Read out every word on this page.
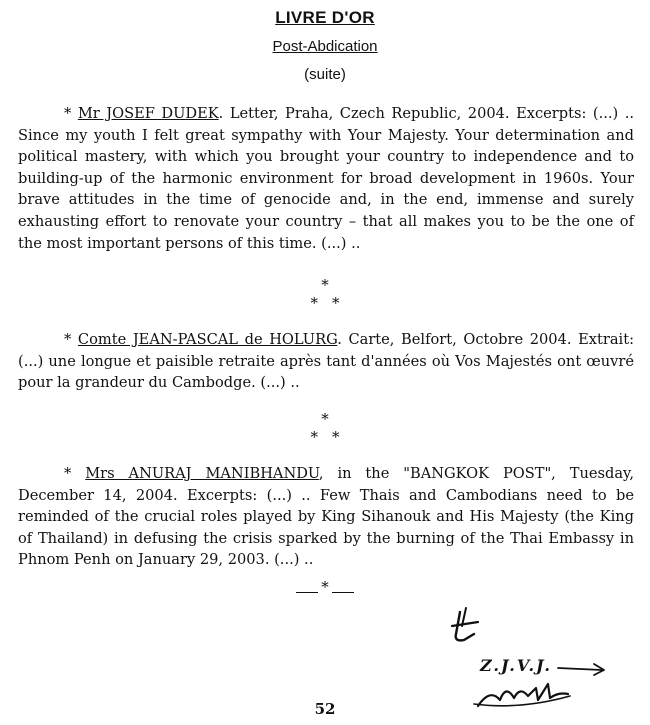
LIVRE D'OR
Post-Abdication
(suite)

* Mr JOSEF DUDEK. Letter, Praha, Czech Republic, 2004. Excerpts: (...) .. Since my youth I felt great sympathy with Your Majesty. Your determination and political mastery, with which you brought your country to independence and to building-up of the harmonic environment for broad development in 1960s. Your brave attitudes in the time of genocide and, in the end, immense and surely exhausting effort to renovate your country – that all makes you to be the one of the most important persons of this time. (...) ..

*
**

* Comte JEAN-PASCAL de HOLURG. Carte, Belfort, Octobre 2004. Extrait: (...) une longue et paisible retraite après tant d'années où Vos Majestés ont œuvré pour la grandeur du Cambodge. (...) ..

*
**

* Mrs ANURAJ MANIBHANDU, in the "BANGKOK POST", Tuesday, December 14, 2004. Excerpts: (...) .. Few Thais and Cambodians need to be reminded of the crucial roles played by King Sihanouk and His Majesty (the King of Thailand) in defusing the crisis sparked by the burning of the Thai Embassy in Phnom Penh on January 29, 2003. (...) ..

*
Z.J.V.J.
52
